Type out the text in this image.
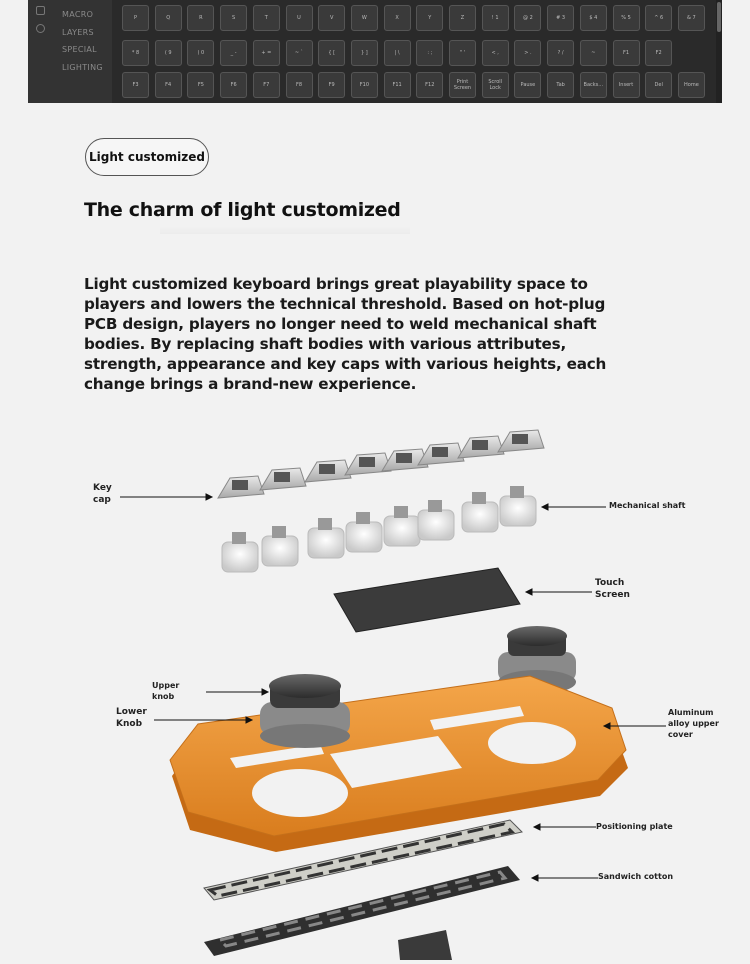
MACRO
LAYERS
SPECIAL
LIGHTING
P	Q	R	S	T	U	V	W	X	Y	Z	! 1	@ 2	# 3	$ 4	% 5	^ 6	& 7
* 8	( 9	) 0	_ -	+ =	~ `	{ [	} ]	| \	: ;	" '	< ,	> .	? /	~	F1	F2
F3	F4	F5	F6	F7	F8	F9	F10	F11	F12	Print Screen
Scroll Lock	Pause	Tab	Backs...	Insert	Del	Home
Light customized
The charm of light customized
Light customized keyboard brings great playability space to players and lowers the technical threshold. Based on hot-plug PCB design, players no longer need to weld mechanical shaft bodies. By replacing shaft bodies with various attributes, strength, appearance and key caps with various heights, each change brings a brand-new experience.
Key
cap
Mechanical shaft
Touch
Screen
Upper
knob
Lower
Knob
Aluminum
alloy upper
cover
Positioning plate
Sandwich cotton
